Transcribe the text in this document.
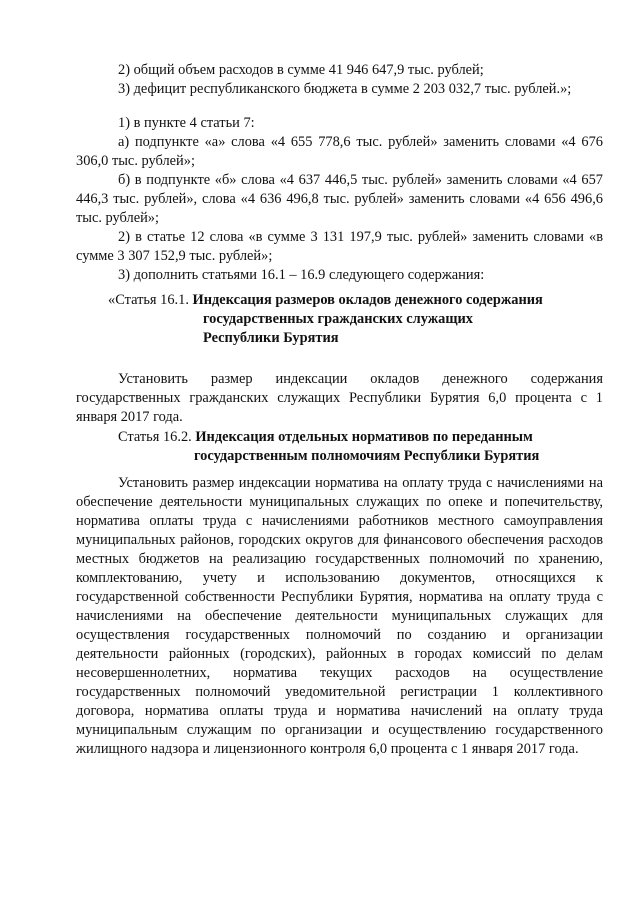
2) общий объем расходов в сумме 41 946 647,9 тыс. рублей;

3) дефицит республиканского бюджета в сумме 2 203 032,7 тыс. рублей.»;

1) в пункте 4 статьи 7:

а) подпункте «а» слова «4 655 778,6 тыс. рублей» заменить словами «4 676 306,0 тыс. рублей»;

б) в подпункте «б» слова «4 637 446,5 тыс. рублей» заменить словами «4 657 446,3 тыс. рублей», слова «4 636 496,8 тыс. рублей» заменить словами «4 656 496,6 тыс. рублей»;

2) в статье 12 слова «в сумме 3 131 197,9 тыс. рублей» заменить словами «в сумме 3 307 152,9 тыс. рублей»;

3) дополнить статьями 16.1 – 16.9 следующего содержания:

«Статья 16.1. Индексация размеров окладов денежного содержания
государственных гражданских служащих
Республики Бурятия

Установить размер индексации окладов денежного содержания государственных гражданских служащих Республики Бурятия 6,0 процента с 1 января 2017 года.

Статья 16.2. Индексация отдельных нормативов по переданным
государственным полномочиям Республики Бурятия

Установить размер индексации норматива на оплату труда с начислениями на обеспечение деятельности муниципальных служащих по опеке и попечительству, норматива оплаты труда с начислениями работников местного самоуправления муниципальных районов, городских округов для финансового обеспечения расходов местных бюджетов на реализацию государственных полномочий по хранению, комплектованию, учету и использованию документов, относящихся к государственной собственности Республики Бурятия, норматива на оплату труда с начислениями на обеспечение деятельности муниципальных служащих для осуществления государственных полномочий по созданию и организации деятельности районных (городских), районных в городах комиссий по делам несовершеннолетних, норматива текущих расходов на осуществление государственных полномочий уведомительной регистрации 1 коллективного договора, норматива оплаты труда и норматива начислений на оплату труда муниципальным служащим по организации и осуществлению государственного жилищного надзора и лицензионного контроля 6,0 процента с 1 января 2017 года.
